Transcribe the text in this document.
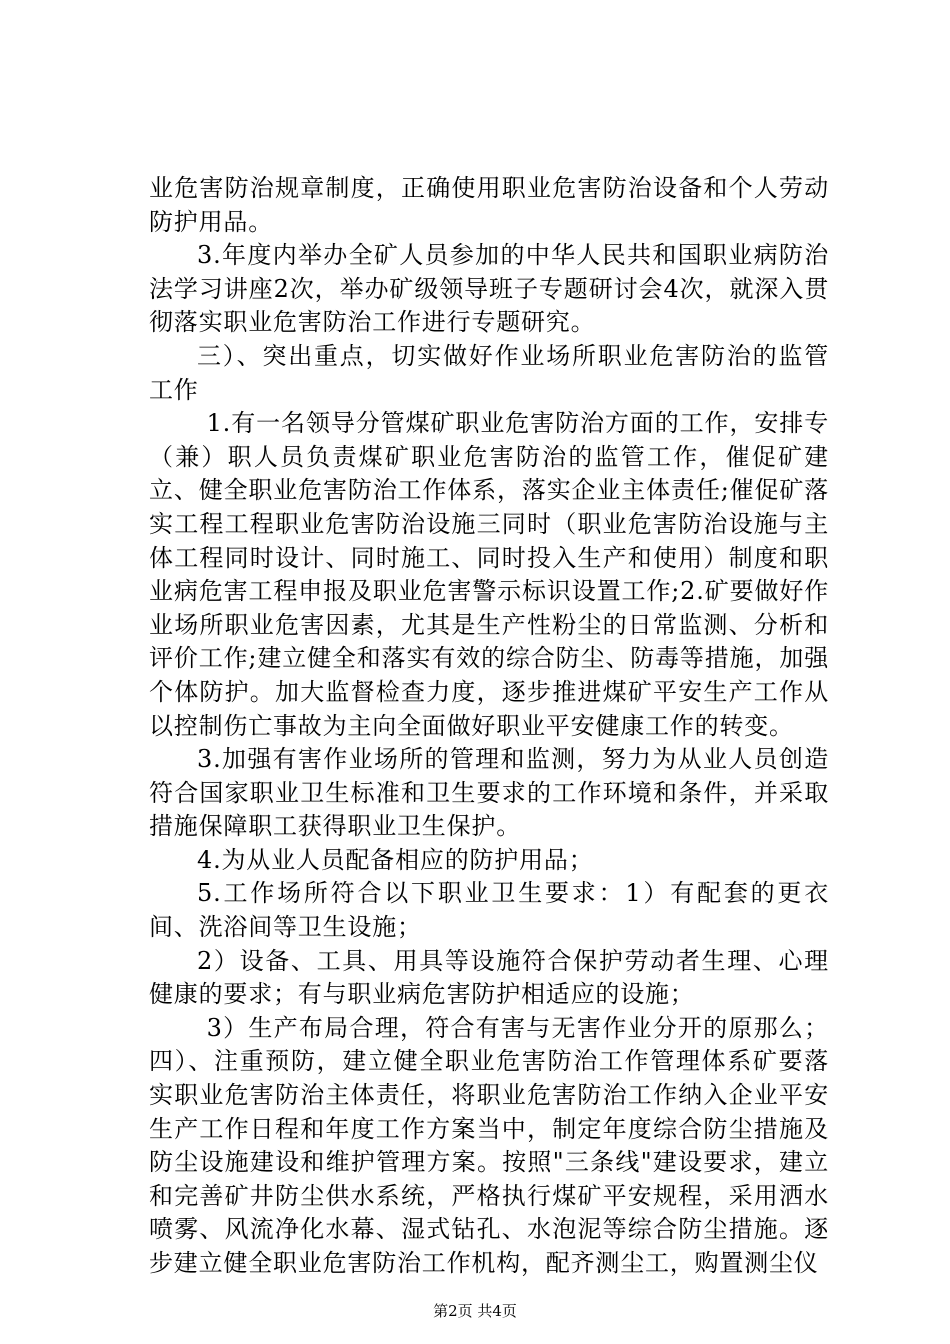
业危害防治规章制度，正确使用职业危害防治设备和个人劳动防护用品。

3.年度内举办全矿人员参加的中华人民共和国职业病防治法学习讲座2次，举办矿级领导班子专题研讨会4次，就深入贯彻落实职业危害防治工作进行专题研究。

三）、突出重点，切实做好作业场所职业危害防治的监管工作

1.有一名领导分管煤矿职业危害防治方面的工作，安排专（兼）职人员负责煤矿职业危害防治的监管工作，催促矿建立、健全职业危害防治工作体系，落实企业主体责任;催促矿落实工程工程职业危害防治设施三同时（职业危害防治设施与主体工程同时设计、同时施工、同时投入生产和使用）制度和职业病危害工程申报及职业危害警示标识设置工作;2.矿要做好作业场所职业危害因素，尤其是生产性粉尘的日常监测、分析和评价工作;建立健全和落实有效的综合防尘、防毒等措施，加强个体防护。加大监督检查力度，逐步推进煤矿平安生产工作从以控制伤亡事故为主向全面做好职业平安健康工作的转变。

3.加强有害作业场所的管理和监测，努力为从业人员创造符合国家职业卫生标准和卫生要求的工作环境和条件，并采取措施保障职工获得职业卫生保护。

4.为从业人员配备相应的防护用品；

5.工作场所符合以下职业卫生要求：1）有配套的更衣间、洗浴间等卫生设施；

2）设备、工具、用具等设施符合保护劳动者生理、心理健康的要求；有与职业病危害防护相适应的设施；

3）生产布局合理，符合有害与无害作业分开的原那么；四）、注重预防，建立健全职业危害防治工作管理体系矿要落实职业危害防治主体责任，将职业危害防治工作纳入企业平安生产工作日程和年度工作方案当中，制定年度综合防尘措施及防尘设施建设和维护管理方案。按照"三条线"建设要求，建立和完善矿井防尘供水系统，严格执行煤矿平安规程，采用洒水喷雾、风流净化水幕、湿式钻孔、水泡泥等综合防尘措施。逐步建立健全职业危害防治工作机构，配齐测尘工，购置测尘仪

第2页 共4页
